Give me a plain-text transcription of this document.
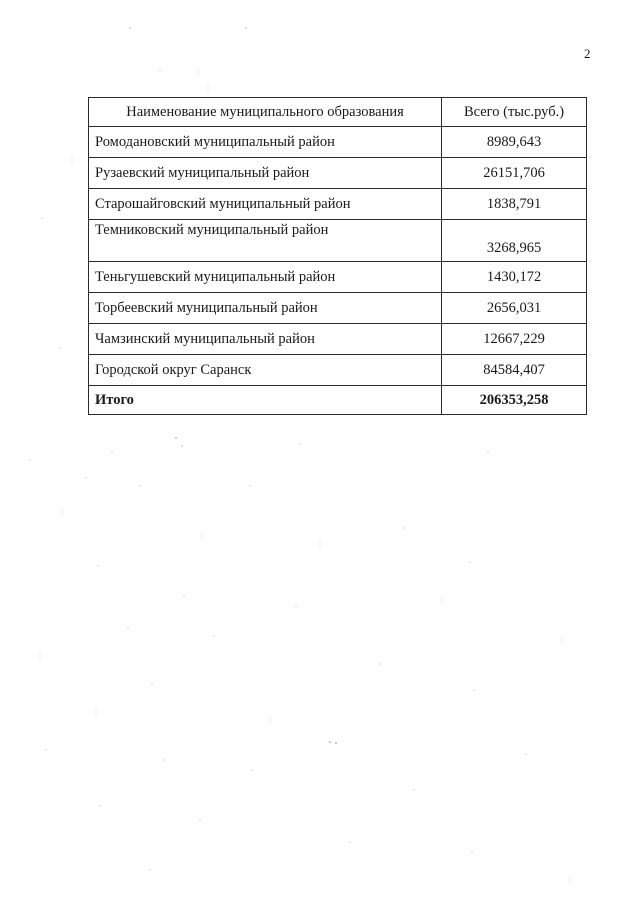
2
Наименование муниципального образования	Всего (тыс.руб.)
Ромодановский муниципальный район	8989,643
Рузаевский муниципальный район	26151,706
Старошайговский муниципальный район	1838,791
Темниковский муниципальный район	3268,965
Теньгушевский муниципальный район	1430,172
Торбеевский муниципальный район	2656,031
Чамзинский муниципальный район	12667,229
Городской округ Саранск	84584,407
Итого	206353,258
